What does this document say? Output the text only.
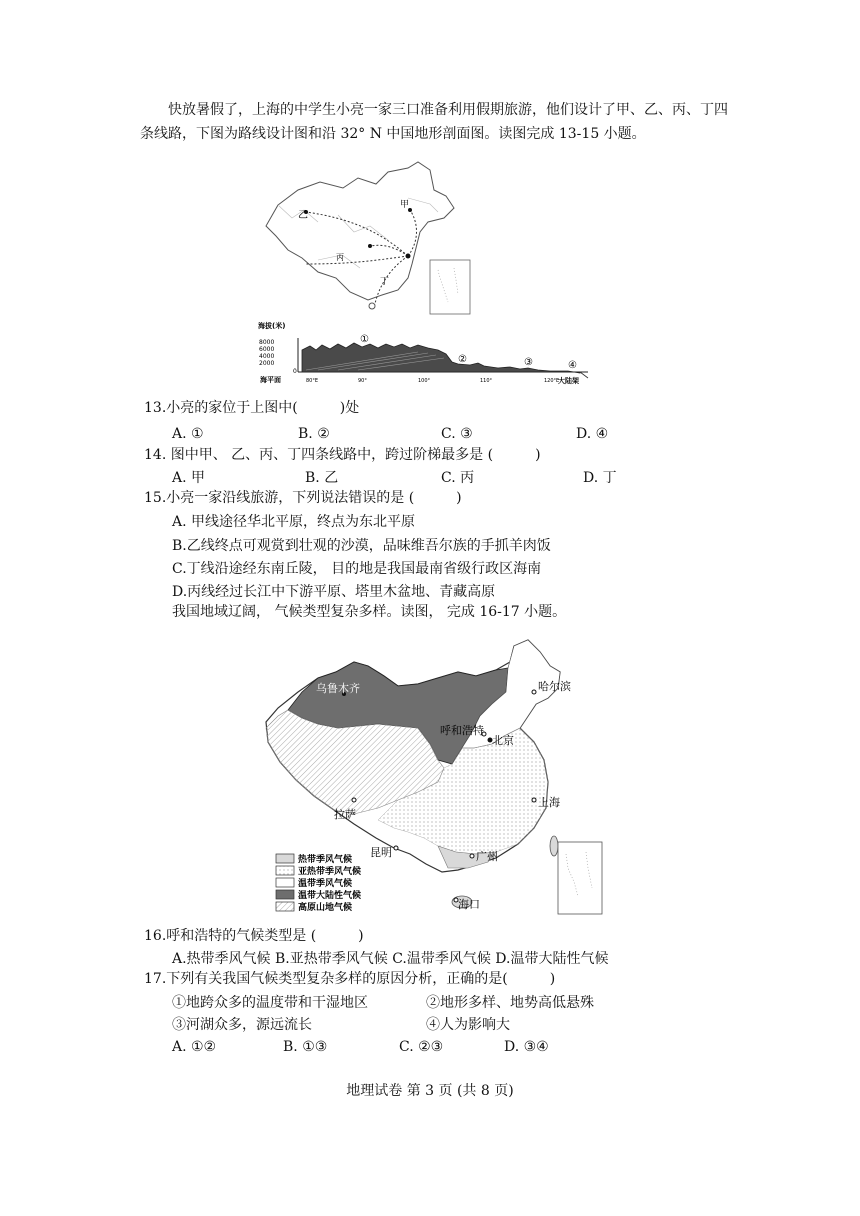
快放暑假了，上海的中学生小亮一家三口准备利用假期旅游，他们设计了甲、乙、丙、丁四条线路，下图为路线设计图和沿 32° N 中国地形剖面图。读图完成 13-15 小题。
甲
乙
丙
丁
海拔(米)
8000
6000
4000
2000
0
①
②	③	④
海平面	80°E	90°	100°	110°	120°E
大陆架
13.小亮的家位于上图中(　　　)处
A. ①	B. ②	C. ③	D. ④
14. 图中甲、 乙、丙、丁四条线路中，跨过阶梯最多是 (　　　)
A. 甲	B. 乙	C. 丙	D. 丁
15.小亮一家沿线旅游，下列说法错误的是 (　　　)
A. 甲线途径华北平原，终点为东北平原
B.乙线终点可观赏到壮观的沙漠，品味维吾尔族的手抓羊肉饭
C.丁线沿途经东南丘陵， 目的地是我国最南省级行政区海南
D.丙线经过长江中下游平原、塔里木盆地、青藏高原
我国地域辽阔， 气候类型复杂多样。读图， 完成 16-17 小题。
乌鲁木齐	哈尔滨
呼和浩特
北京
拉萨
上海
昆明	广州
海口
热带季风气候
亚热带季风气候
温带季风气候
温带大陆性气候
高原山地气候
16.呼和浩特的气候类型是 (　　　)
A.热带季风气候 B.亚热带季风气候 C.温带季风气候 D.温带大陆性气候
17.下列有关我国气候类型复杂多样的原因分析，正确的是(　　　)
①地跨众多的温度带和干湿地区	②地形多样、地势高低悬殊
③河湖众多，源远流长	④人为影响大
A. ①②	B. ①③	C. ②③	D. ③④
地理试卷 第 3 页 (共 8 页)
